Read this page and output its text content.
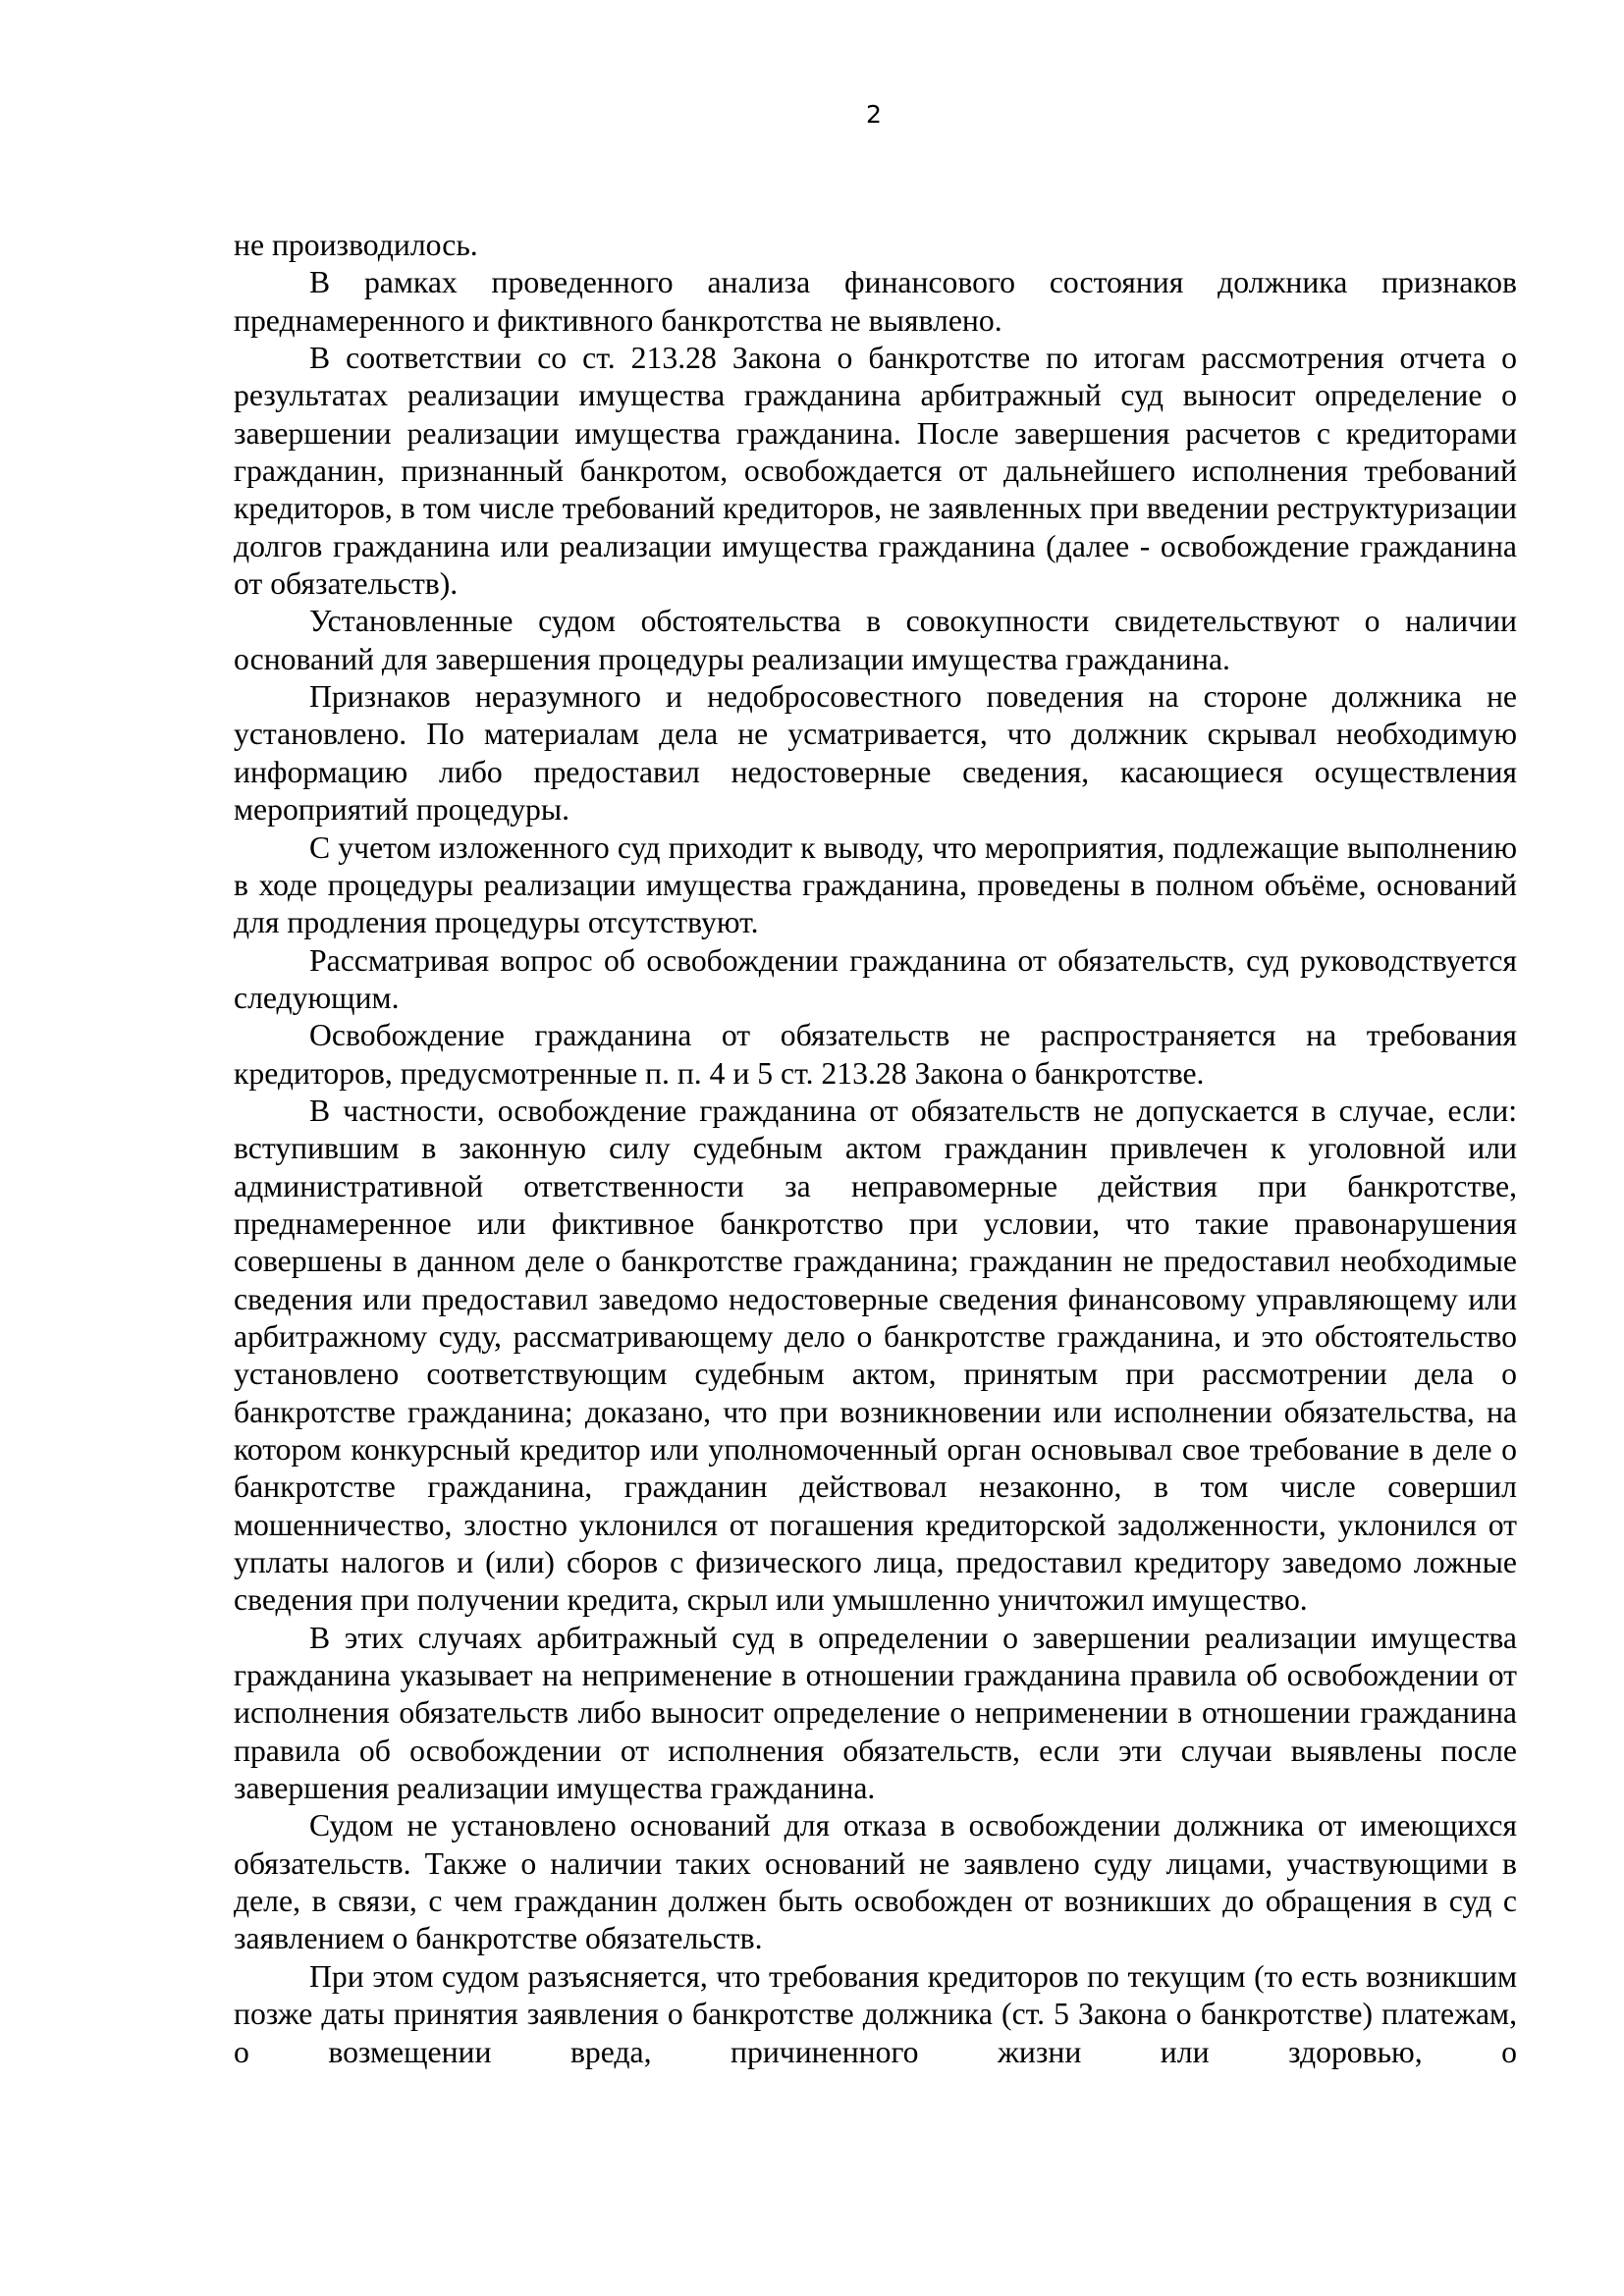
2

не производилось.

В рамках проведенного анализа финансового состояния должника признаков преднамеренного и фиктивного банкротства не выявлено.

В соответствии со ст. 213.28 Закона о банкротстве по итогам рассмотрения отчета о результатах реализации имущества гражданина арбитражный суд выносит определение о завершении реализации имущества гражданина. После завершения расчетов с кредиторами гражданин, признанный банкротом, освобождается от дальнейшего исполнения требований кредиторов, в том числе требований кредиторов, не заявленных при введении реструктуризации долгов гражданина или реализации имущества гражданина (далее - освобождение гражданина от обязательств).

Установленные судом обстоятельства в совокупности свидетельствуют о наличии оснований для завершения процедуры реализации имущества гражданина.

Признаков неразумного и недобросовестного поведения на стороне должника не установлено. По материалам дела не усматривается, что должник скрывал необходимую информацию либо предоставил недостоверные сведения, касающиеся осуществления мероприятий процедуры.

С учетом изложенного суд приходит к выводу, что мероприятия, подлежащие выполнению в ходе процедуры реализации имущества гражданина, проведены в полном объёме, оснований для продления процедуры отсутствуют.

Рассматривая вопрос об освобождении гражданина от обязательств, суд руководствуется следующим.

Освобождение гражданина от обязательств не распространяется на требования кредиторов, предусмотренные п. п. 4 и 5 ст. 213.28 Закона о банкротстве.

В частности, освобождение гражданина от обязательств не допускается в случае, если: вступившим в законную силу судебным актом гражданин привлечен к уголовной или административной ответственности за неправомерные действия при банкротстве, преднамеренное или фиктивное банкротство при условии, что такие правонарушения совершены в данном деле о банкротстве гражданина; гражданин не предоставил необходимые сведения или предоставил заведомо недостоверные сведения финансовому управляющему или арбитражному суду, рассматривающему дело о банкротстве гражданина, и это обстоятельство установлено соответствующим судебным актом, принятым при рассмотрении дела о банкротстве гражданина; доказано, что при возникновении или исполнении обязательства, на котором конкурсный кредитор или уполномоченный орган основывал свое требование в деле о банкротстве гражданина, гражданин действовал незаконно, в том числе совершил мошенничество, злостно уклонился от погашения кредиторской задолженности, уклонился от уплаты налогов и (или) сборов с физического лица, предоставил кредитору заведомо ложные сведения при получении кредита, скрыл или умышленно уничтожил имущество.

В этих случаях арбитражный суд в определении о завершении реализации имущества гражданина указывает на неприменение в отношении гражданина правила об освобождении от исполнения обязательств либо выносит определение о неприменении в отношении гражданина правила об освобождении от исполнения обязательств, если эти случаи выявлены после завершения реализации имущества гражданина.

Судом не установлено оснований для отказа в освобождении должника от имеющихся обязательств. Также о наличии таких оснований не заявлено суду лицами, участвующими в деле, в связи, с чем гражданин должен быть освобожден от возникших до обращения в суд с заявлением о банкротстве обязательств.

При этом судом разъясняется, что требования кредиторов по текущим (то есть возникшим позже даты принятия заявления о банкротстве должника (ст. 5 Закона о банкротстве) платежам, о возмещении вреда, причиненного жизни или здоровью, о
